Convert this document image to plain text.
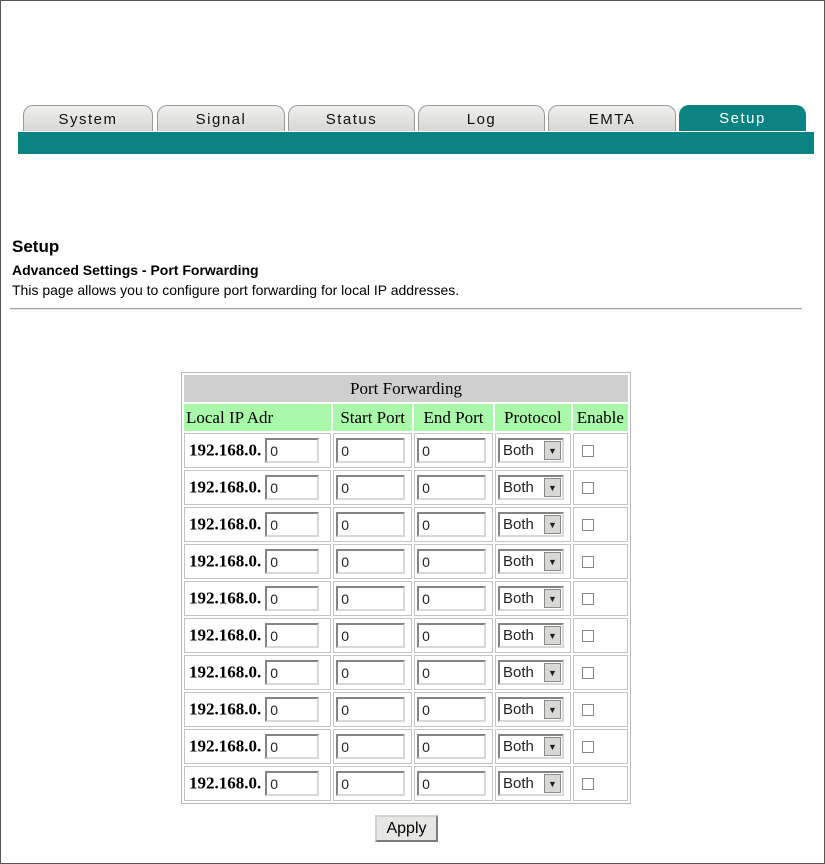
System	Signal	Status	Log	EMTA	Setup
Setup
Advanced Settings - Port Forwarding
This page allows you to configure port forwarding for local IP addresses.
Port Forwarding				
Local IP Adr	Start Port	End Port	Protocol	Enable
192.168.0. 0	0	0	Both ▼	

192.168.0. 0	0	0	Both ▼	

192.168.0. 0	0	0	Both ▼	

192.168.0. 0	0	0	Both ▼	

192.168.0. 0	0	0	Both ▼	

192.168.0. 0	0	0	Both ▼	

192.168.0. 0	0	0	Both ▼	

192.168.0. 0	0	0	Both ▼	

192.168.0. 0	0	0	Both ▼	

192.168.0. 0	0	0	Both ▼	

Apply
